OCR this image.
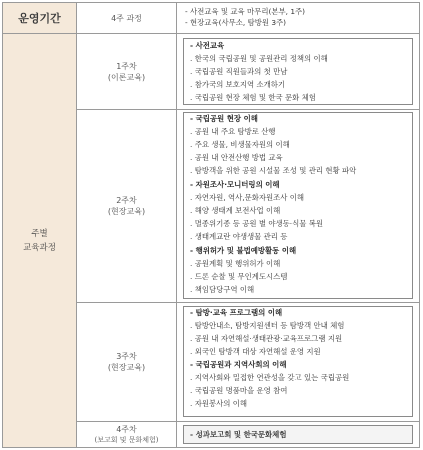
운영기간	4주 과정
- 사전교육 및 교육 마무리(본부, 1주)
- 현장교육(사무소, 탐방원 3주)
주별
교육과정
1주차
(이론교육)
- 사전교육
. 한국의 국립공원 및 공원관리 정책의 이해
. 국립공원 직원들과의 첫 만남
. 참가국의 보호지역 소개하기
. 국립공원 현장 체험 및 한국 문화 체험
2주차
(현장교육)
- 국립공원 현장 이해
. 공원 내 주요 탐방로 산행
. 주요 생물, 비생물자원의 이해
. 공원 내 안전산행 방법 교육
. 탐방객을 위한 공원 시설물 조성 및 관리 현황 파악
- 자원조사·모니터링의 이해
. 자연자원, 역사,문화자원조사 이해
. 해양 생태계 보전사업 이해
. 멸종위기종 등 공원 별 야생동·식물 복원
. 생태계교란 야생생물 관리 등
- 행위허가 및 불법예방활동 이해
. 공원계획 및 행위허가 이해
. 드론 순찰 및 무인계도시스템
. 책임담당구역 이해
3주차
(현장교육)
- 탐방·교육 프로그램의 이해
. 탐방안내소, 탐방지원센터 등 탐방객 안내 체험
. 공원 내 자연해설·생태관광·교육프로그램 지원
. 외국인 탐방객 대상 자연해설 운영 지원
- 국립공원과 지역사회의 이해
. 지역사회와 밀접한 연관성을 갖고 있는 국립공원
. 국립공원 명품마을 운영 참여
. 자원봉사의 이해
4주차
(보고회 및 문화체험)
- 성과보고회 및 한국문화체험
